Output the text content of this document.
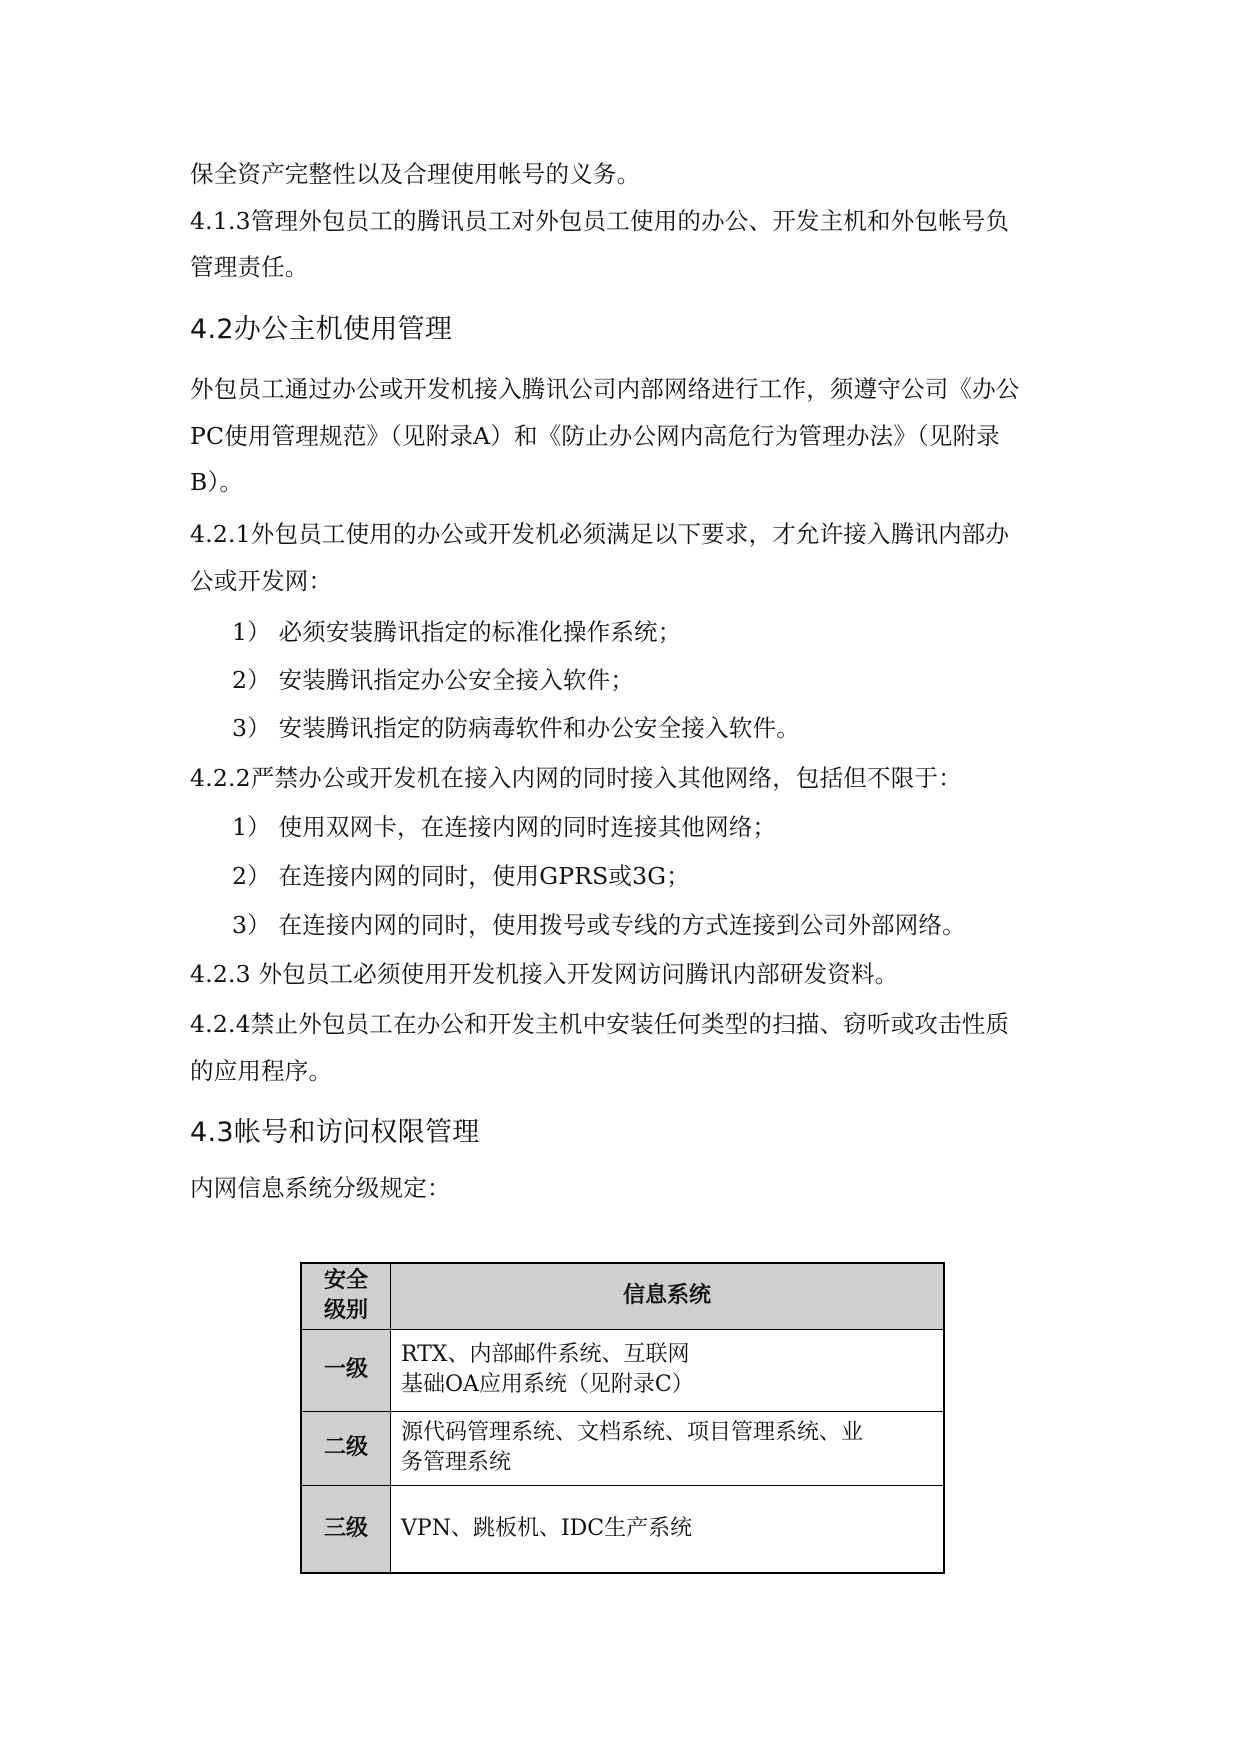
保全资产完整性以及合理使用帐号的义务。
4.1.3管理外包员工的腾讯员工对外包员工使用的办公、开发主机和外包帐号负
管理责任。
4.2办公主机使用管理
外包员工通过办公或开发机接入腾讯公司内部网络进行工作，须遵守公司《办公
PC使用管理规范》（见附录A）和《防止办公网内高危行为管理办法》（见附录
B）。
4.2.1外包员工使用的办公或开发机必须满足以下要求，才允许接入腾讯内部办
公或开发网：
1） 必须安装腾讯指定的标准化操作系统；
2） 安装腾讯指定办公安全接入软件；
3） 安装腾讯指定的防病毒软件和办公安全接入软件。
4.2.2严禁办公或开发机在接入内网的同时接入其他网络，包括但不限于：
1） 使用双网卡，在连接内网的同时连接其他网络；
2） 在连接内网的同时，使用GPRS或3G；
3） 在连接内网的同时，使用拨号或专线的方式连接到公司外部网络。
4.2.3 外包员工必须使用开发机接入开发网访问腾讯内部研发资料。
4.2.4禁止外包员工在办公和开发主机中安装任何类型的扫描、窃听或攻击性质
的应用程序。
4.3帐号和访问权限管理
内网信息系统分级规定：
安全
级别	信息系统
一级	RTX、内部邮件系统、互联网
基础OA应用系统（见附录C）

二级	源代码管理系统、文档系统、项目管理系统、业
务管理系统

三级	VPN、跳板机、IDC生产系统
